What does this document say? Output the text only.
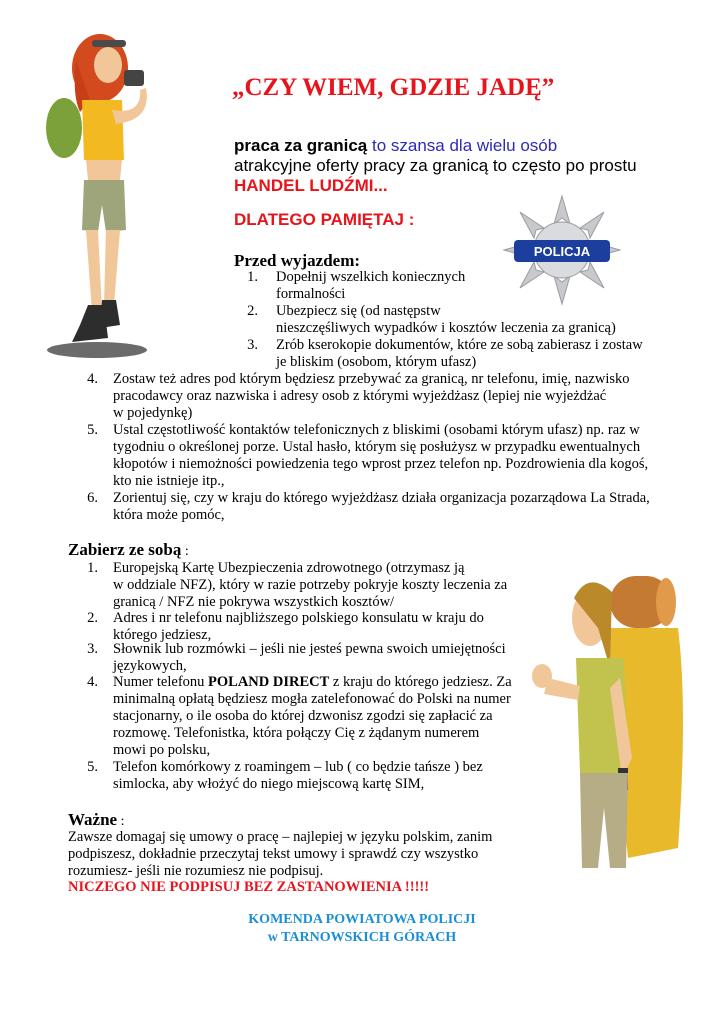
„CZY WIEM, GDZIE JADĘ”
praca za granicą to szansa dla wielu osób
atrakcyjne oferty pracy za granicą to często po prostu
HANDEL LUDŹMI...
DLATEGO PAMIĘTAJ :
POLICJA
Przed wyjazdem:
1. Dopełnij wszelkich koniecznych
formalności
2. Ubezpiecz się (od następstw
nieszczęśliwych wypadków i kosztów leczenia za granicą)
3. Zrób kserokopie dokumentów, które ze sobą zabierasz i zostaw
je bliskim (osobom, którym ufasz)
4. Zostaw też adres pod którym będziesz przebywać za granicą, nr telefonu, imię, nazwisko
pracodawcy oraz nazwiska i adresy osob z którymi wyjeżdżasz (lepiej nie wyjeżdżać
w pojedynkę)
5. Ustal częstotliwość kontaktów telefonicznych z bliskimi (osobami którym ufasz) np. raz w
tygodniu o określonej porze. Ustal hasło, którym się posłużysz w przypadku ewentualnych
kłopotów i niemożności powiedzenia tego wprost przez telefon np. Pozdrowienia dla kogoś,
kto nie istnieje itp.,
6. Zorientuj się, czy w kraju do którego wyjeżdżasz działa organizacja pozarządowa La Strada,
która może pomóc,
Zabierz ze sobą :
1. Europejską Kartę Ubezpieczenia zdrowotnego (otrzymasz ją
w oddziale NFZ), który w razie potrzeby pokryje koszty leczenia za
granicą / NFZ nie pokrywa wszystkich kosztów/
2. Adres i nr telefonu najbliższego polskiego konsulatu w kraju do
którego jedziesz,
3. Słownik lub rozmówki – jeśli nie jesteś pewna swoich umiejętności
językowych,
4. Numer telefonu POLAND DIRECT z kraju do którego jedziesz. Za
minimalną opłatą będziesz mogła zatelefonować do Polski na numer
stacjonarny, o ile osoba do której dzwonisz zgodzi się zapłacić za
rozmowę. Telefonistka, która połączy Cię z żądanym numerem
mowi po polsku,
5. Telefon komórkowy z roamingem – lub ( co będzie tańsze ) bez
simlocka, aby włożyć do niego miejscową kartę SIM,
Ważne :
Zawsze domagaj się umowy o pracę – najlepiej w języku polskim, zanim podpiszesz, dokładnie przeczytaj tekst umowy i sprawdź czy wszystko rozumiesz- jeśli nie rozumiesz nie podpisuj.
NICZEGO NIE PODPISUJ BEZ ZASTANOWIENIA !!!!!
KOMENDA POWIATOWA POLICJI
w TARNOWSKICH GÓRACH
